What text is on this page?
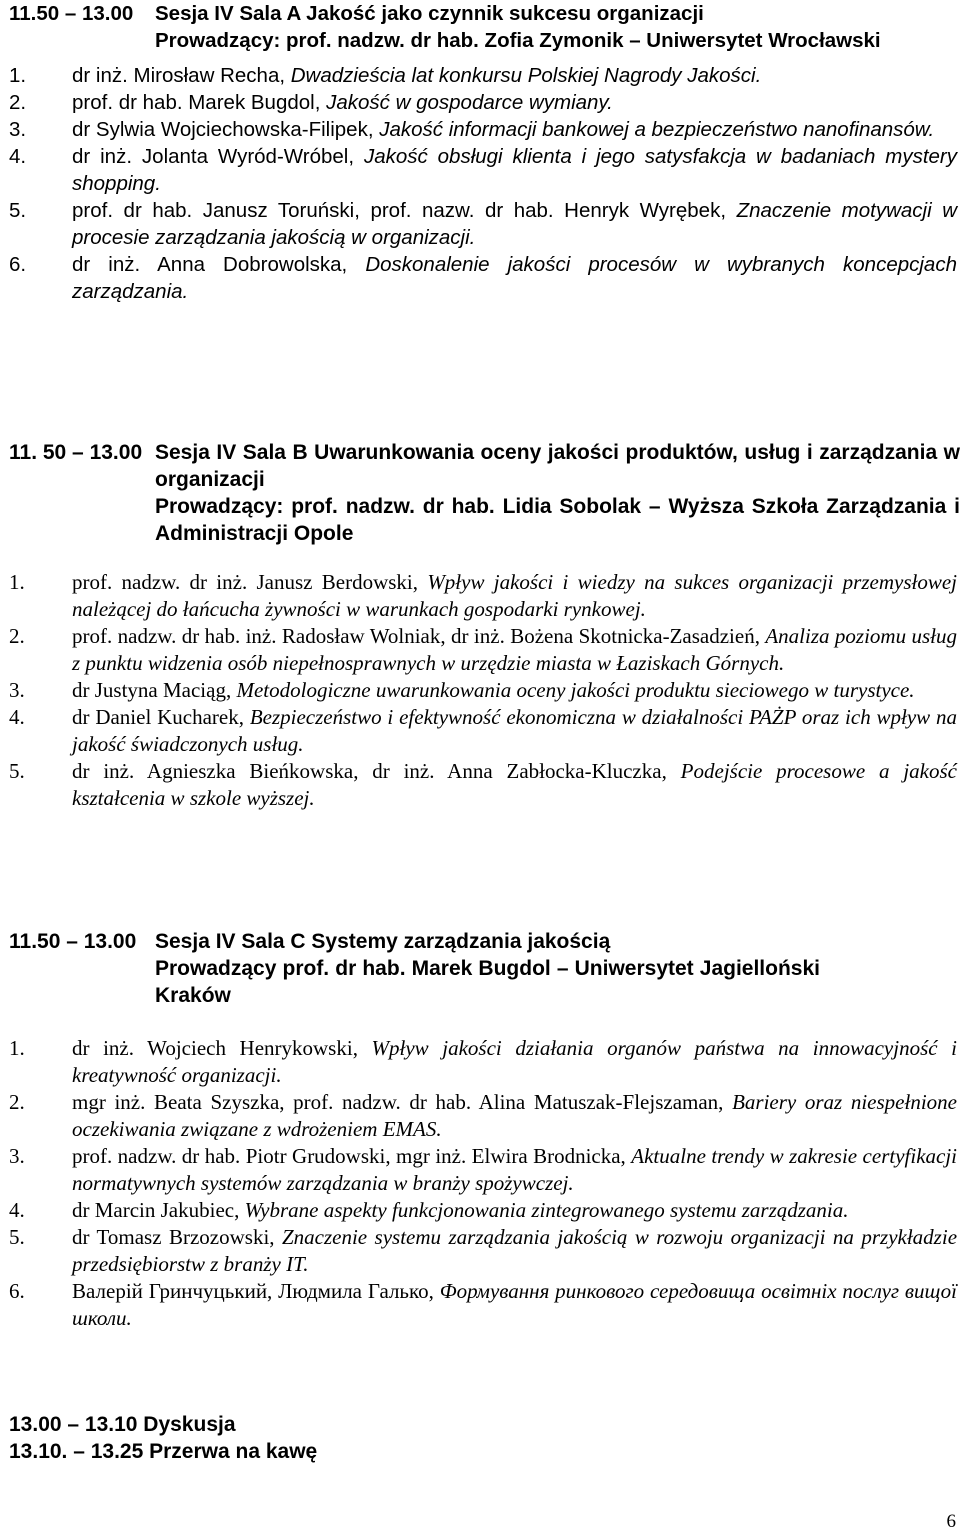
11.50 – 13.00 Sesja IV Sala A Jakość jako czynnik sukcesu organizacji
Prowadzący: prof. nadzw. dr hab. Zofia Zymonik – Uniwersytet Wrocławski
1. dr inż. Mirosław Recha, Dwadzieścia lat konkursu Polskiej Nagrody Jakości.
2. prof. dr hab. Marek Bugdol, Jakość w gospodarce wymiany.
3. dr Sylwia Wojciechowska-Filipek, Jakość informacji bankowej a bezpieczeństwo nanofinansów.
4. dr inż. Jolanta Wyród-Wróbel, Jakość obsługi klienta i jego satysfakcja w badaniach mystery shopping.
5. prof. dr hab. Janusz Toruński, prof. nazw. dr hab. Henryk Wyrębek, Znaczenie motywacji w procesie zarządzania jakością w organizacji.
6. dr inż. Anna Dobrowolska, Doskonalenie jakości procesów w wybranych koncepcjach zarządzania.
11. 50 – 13.00 Sesja IV Sala B Uwarunkowania oceny jakości produktów, usług i zarządzania w organizacji
Prowadzący: prof. nadzw. dr hab. Lidia Sobolak – Wyższa Szkoła Zarządzania i Administracji Opole
1. prof. nadzw. dr inż. Janusz Berdowski, Wpływ jakości i wiedzy na sukces organizacji przemysłowej należącej do łańcucha żywności w warunkach gospodarki rynkowej.
2. prof. nadzw. dr hab. inż. Radosław Wolniak, dr inż. Bożena Skotnicka-Zasadzień, Analiza poziomu usług z punktu widzenia osób niepełnosprawnych w urzędzie miasta w Łaziskach Górnych.
3. dr Justyna Maciąg, Metodologiczne uwarunkowania oceny jakości produktu sieciowego w turystyce.
4. dr Daniel Kucharek, Bezpieczeństwo i efektywność ekonomiczna w działalności PAŻP oraz ich wpływ na jakość świadczonych usług.
5. dr inż. Agnieszka Bieńkowska, dr inż. Anna Zabłocka-Kluczka, Podejście procesowe a jakość kształcenia w szkole wyższej.
11.50 – 13.00 Sesja IV Sala C Systemy zarządzania jakością
Prowadzący prof. dr hab. Marek Bugdol – Uniwersytet Jagielloński Kraków
1. dr inż. Wojciech Henrykowski, Wpływ jakości działania organów państwa na innowacyjność i kreatywność organizacji.
2. mgr inż. Beata Szyszka, prof. nadzw. dr hab. Alina Matuszak-Flejszaman, Bariery oraz niespełnione oczekiwania związane z wdrożeniem EMAS.
3. prof. nadzw. dr hab. Piotr Grudowski, mgr inż. Elwira Brodnicka, Aktualne trendy w zakresie certyfikacji normatywnych systemów zarządzania w branży spożywczej.
4. dr Marcin Jakubiec, Wybrane aspekty funkcjonowania zintegrowanego systemu zarządzania.
5. dr Tomasz Brzozowski, Znaczenie systemu zarządzania jakością w rozwoju organizacji na przykładzie przedsiębiorstw z branży IT.
6. Валерій Гринчуцький, Людмила Галько, Формування ринкового середовища освітніх послуг вищої школи.
13.00 – 13.10 Dyskusja
13.10. – 13.25 Przerwa na kawę
6
